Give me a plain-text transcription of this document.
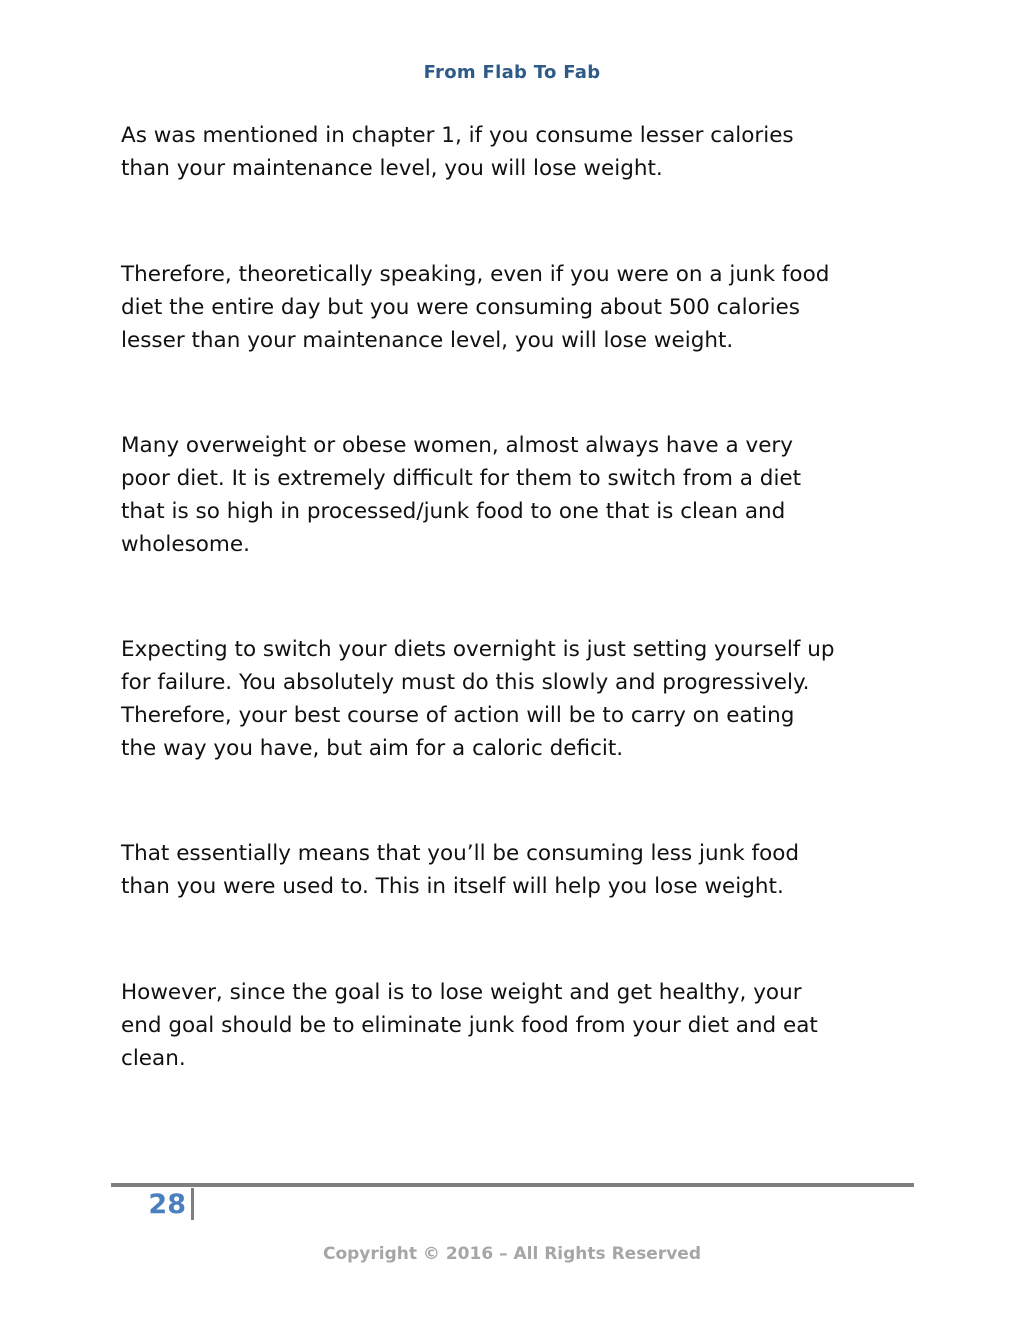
From Flab To Fab

As was mentioned in chapter 1, if you consume lesser calories
than your maintenance level, you will lose weight.

Therefore, theoretically speaking, even if you were on a junk food
diet the entire day but you were consuming about 500 calories
lesser than your maintenance level, you will lose weight.

Many overweight or obese women, almost always have a very
poor diet. It is extremely difficult for them to switch from a diet
that is so high in processed/junk food to one that is clean and
wholesome.

Expecting to switch your diets overnight is just setting yourself up
for failure. You absolutely must do this slowly and progressively.
Therefore, your best course of action will be to carry on eating
the way you have, but aim for a caloric deficit.

That essentially means that you’ll be consuming less junk food
than you were used to. This in itself will help you lose weight.

However, since the goal is to lose weight and get healthy, your
end goal should be to eliminate junk food from your diet and eat
clean.

28
Copyright © 2016 – All Rights Reserved
